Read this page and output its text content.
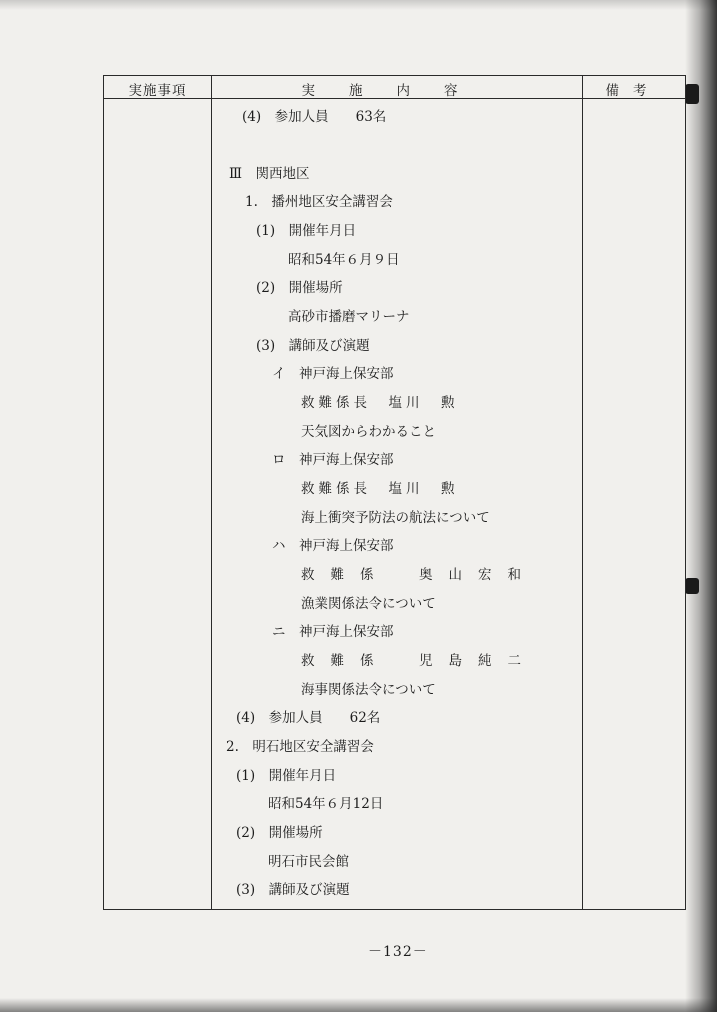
実施事項	実施内容	備考
(4)　参加人員　　63名
Ⅲ　関西地区
1.　播州地区安全講習会
(1)　開催年月日
昭和54年６月９日
(2)　開催場所
高砂市播磨マリーナ
(3)　講師及び演題
イ　神戸海上保安部
救難係長　塩川　勲
天気図からわかること
ロ　神戸海上保安部
救難係長　塩川　勲
海上衝突予防法の航法について
ハ　神戸海上保安部
救難係　奥山宏和
漁業関係法令について
ニ　神戸海上保安部
救難係　児島純二
海事関係法令について
(4)　参加人員　　62名
2.　明石地区安全講習会
(1)　開催年月日
昭和54年６月12日
(2)　開催場所
明石市民会館
(3)　講師及び演題
－132－
